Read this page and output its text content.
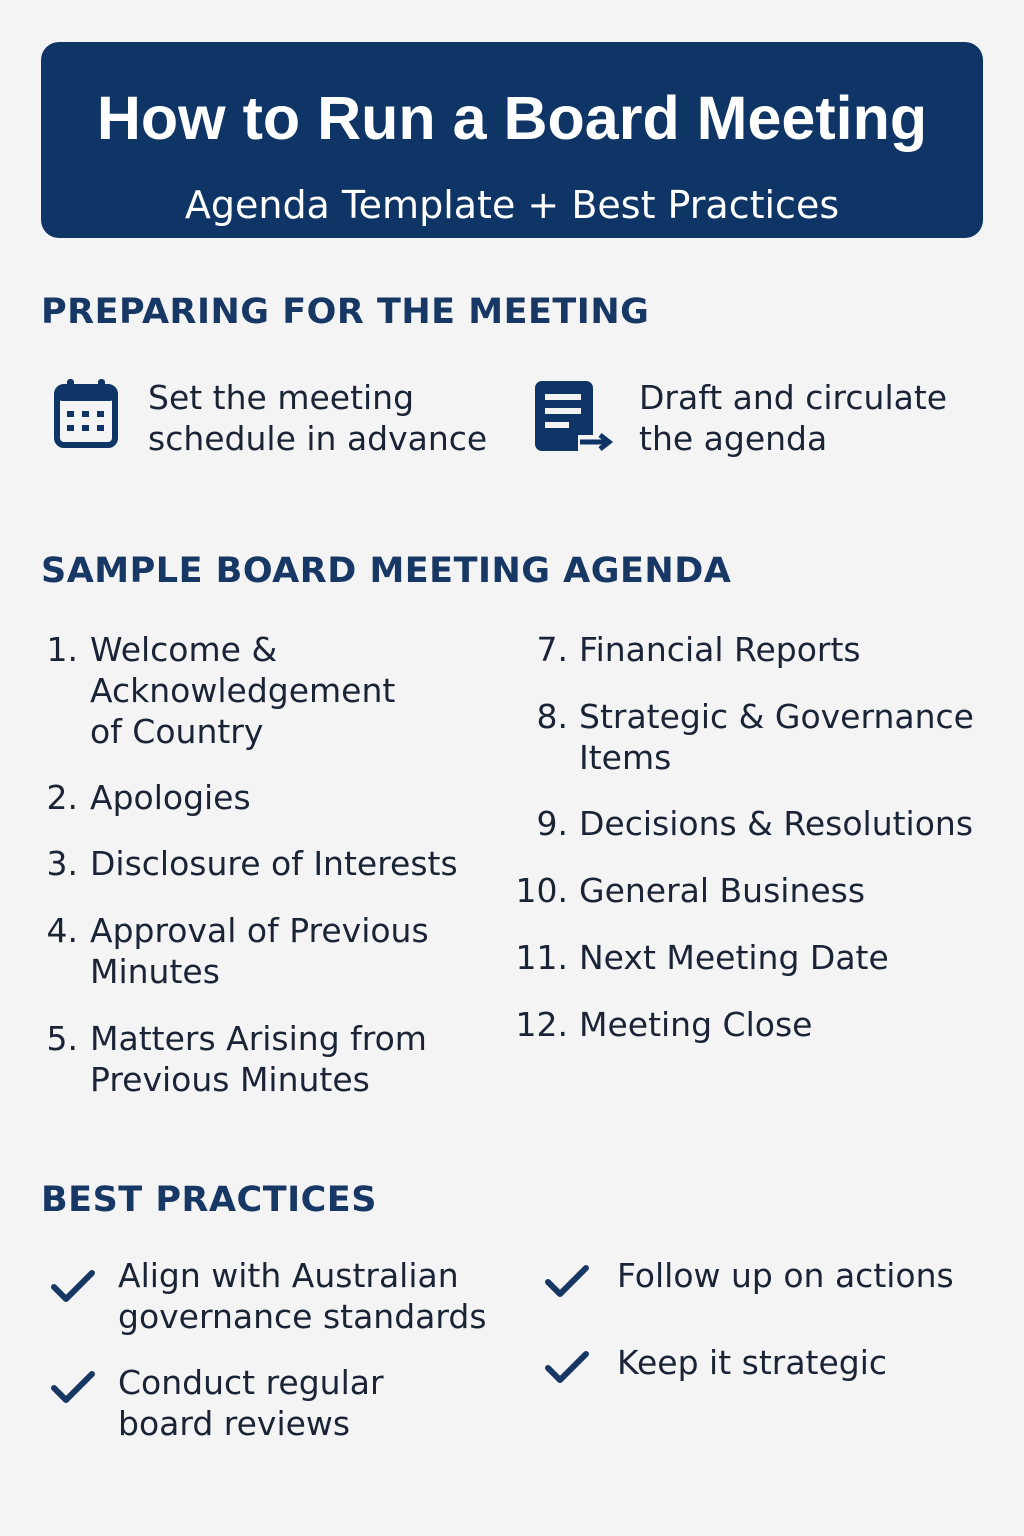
How to Run a Board Meeting
Agenda Template + Best Practices
PREPARING FOR THE MEETING
Set the meeting
schedule in advance
Draft and circulate
the agenda
SAMPLE BOARD MEETING AGENDA
1. Welcome &
Acknowledgement
of Country
2. Apologies
3. Disclosure of Interests
4. Approval of Previous
Minutes
5. Matters Arising from
Previous Minutes
7. Financial Reports
8. Strategic & Governance
Items
9. Decisions & Resolutions
10. General Business
11. Next Meeting Date
12. Meeting Close
BEST PRACTICES
Align with Australian
governance standards
Conduct regular
board reviews
Follow up on actions
Keep it strategic
